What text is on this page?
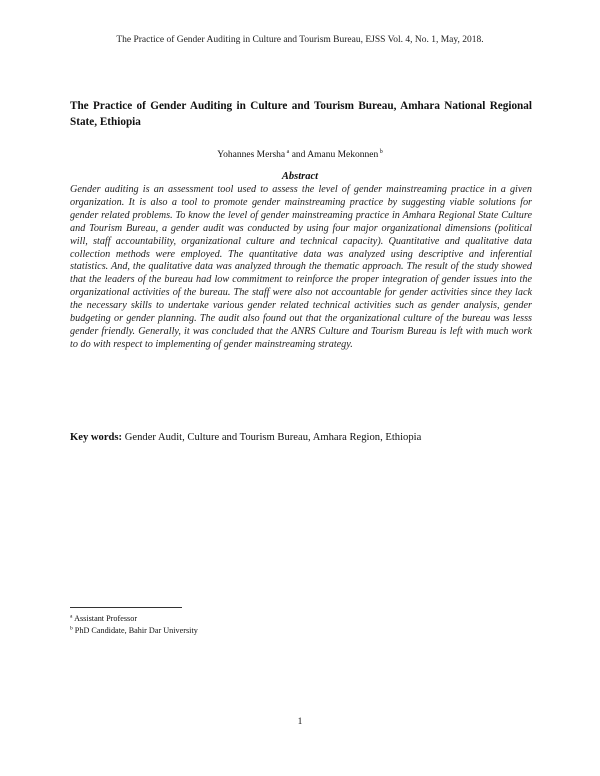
The Practice of Gender Auditing in Culture and Tourism Bureau, EJSS Vol. 4, No. 1, May, 2018.
The Practice of Gender Auditing in Culture and Tourism Bureau, Amhara National Regional State, Ethiopia
Yohannes Mersha $^a$ and Amanu Mekonnen $^b$
Abstract
Gender auditing is an assessment tool used to assess the level of gender mainstreaming practice in a given organization. It is also a tool to promote gender mainstreaming practice by suggesting viable solutions for gender related problems. To know the level of gender mainstreaming practice in Amhara Regional State Culture and Tourism Bureau, a gender audit was conducted by using four major organizational dimensions (political will, staff accountability, organizational culture and technical capacity). Quantitative and qualitative data collection methods were employed. The quantitative data was analyzed using descriptive and inferential statistics. And, the qualitative data was analyzed through the thematic approach. The result of the study showed that the leaders of the bureau had low commitment to reinforce the proper integration of gender issues into the organizational activities of the bureau. The staff were also not accountable for gender activities since they lack the necessary skills to undertake various gender related technical activities such as gender analysis, gender budgeting or gender planning. The audit also found out that the organizational culture of the bureau was lesss gender friendly. Generally, it was concluded that the ANRS Culture and Tourism Bureau is left with much work to do with respect to implementing of gender mainstreaming strategy.
Key words: Gender Audit, Culture and Tourism Bureau, Amhara Region, Ethiopia
$^a$ Assistant Professor
$^b$ PhD Candidate, Bahir Dar University
1
